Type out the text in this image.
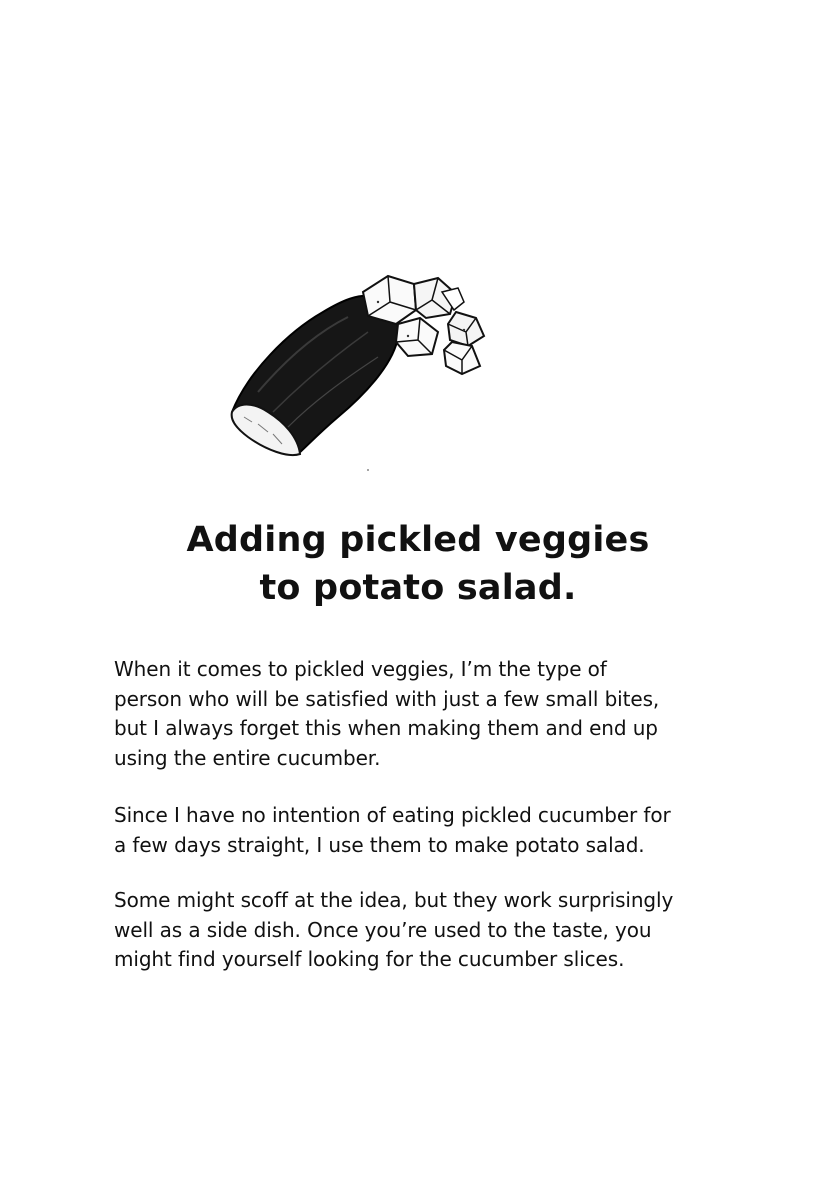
Adding pickled veggies
to potato salad.

When it comes to pickled veggies, I’m the type of
person who will be satisfied with just a few small bites,
but I always forget this when making them and end up
using the entire cucumber.

Since I have no intention of eating pickled cucumber for
a few days straight, I use them to make potato salad.

Some might scoff at the idea, but they work surprisingly
well as a side dish. Once you’re used to the taste, you
might find yourself looking for the cucumber slices.
